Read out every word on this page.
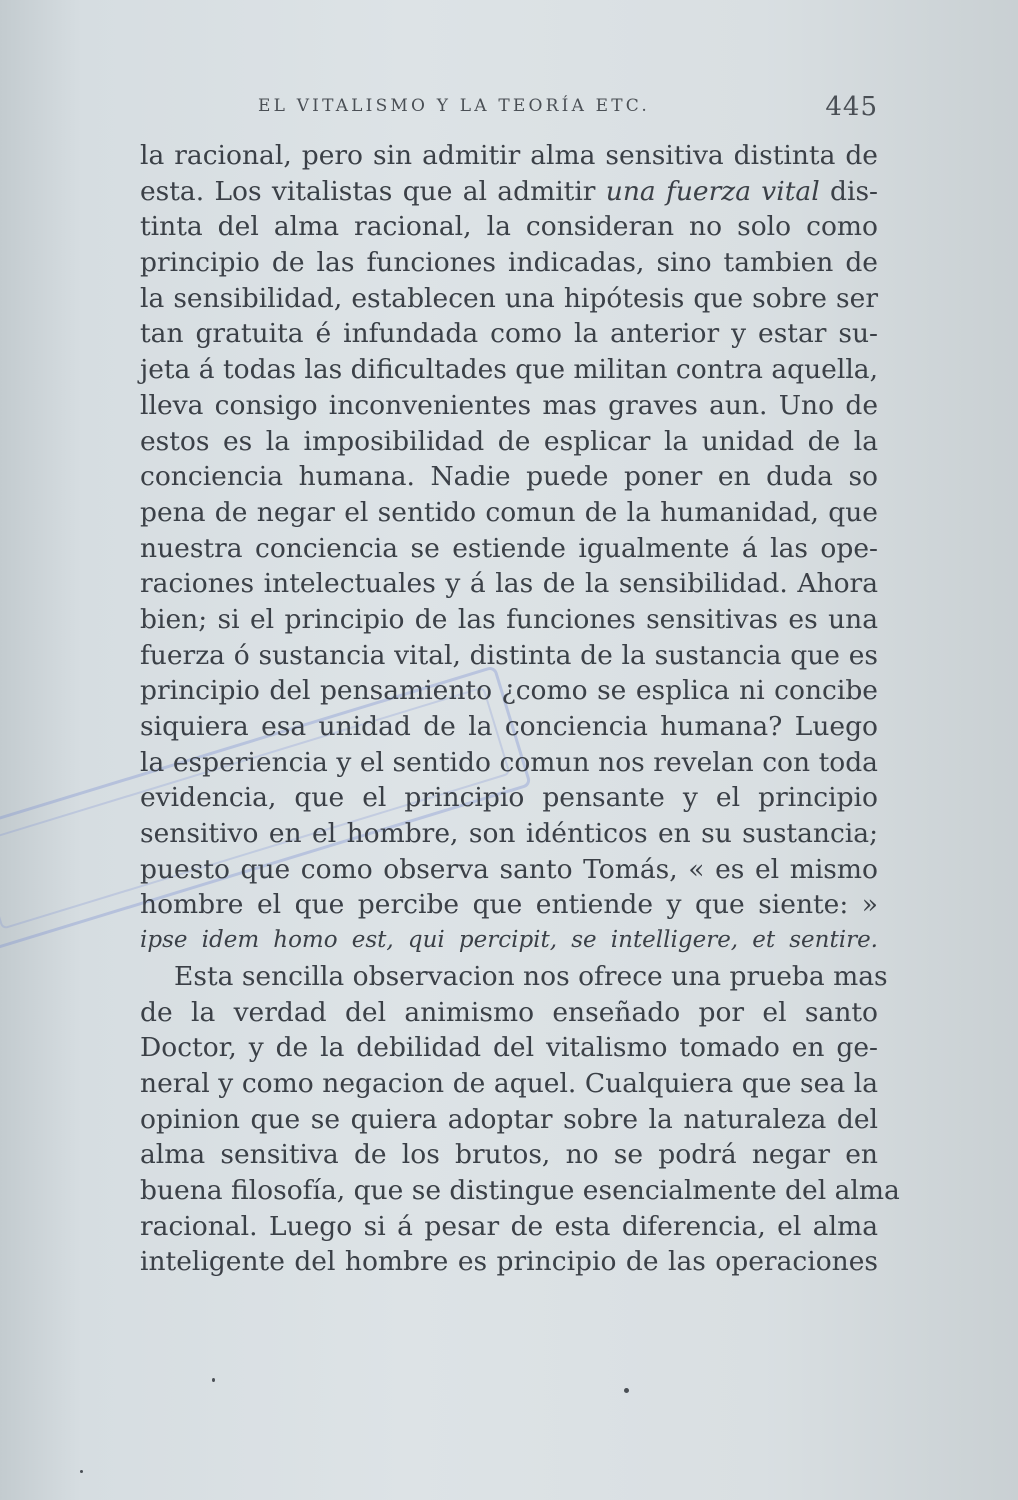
EL VITALISMO Y LA TEORÍA ETC.	445
la racional, pero sin admitir alma sensitiva distinta de
esta. Los vitalistas que al admitir una fuerza vital dis-
tinta del alma racional, la consideran no solo como
principio de las funciones indicadas, sino tambien de
la sensibilidad, establecen una hipótesis que sobre ser
tan gratuita é infundada como la anterior y estar su-
jeta á todas las dificultades que militan contra aquella,
lleva consigo inconvenientes mas graves aun. Uno de
estos es la imposibilidad de esplicar la unidad de la
conciencia humana. Nadie puede poner en duda so
pena de negar el sentido comun de la humanidad, que
nuestra conciencia se estiende igualmente á las ope-
raciones intelectuales y á las de la sensibilidad. Ahora
bien; si el principio de las funciones sensitivas es una
fuerza ó sustancia vital, distinta de la sustancia que es
principio del pensamiento ¿como se esplica ni concibe
siquiera esa unidad de la conciencia humana? Luego
la esperiencia y el sentido comun nos revelan con toda
evidencia, que el principio pensante y el principio
sensitivo en el hombre, son idénticos en su sustancia;
puesto que como observa santo Tomás, « es el mismo
hombre el que percibe que entiende y que siente: »
ipse idem homo est, qui percipit, se intelligere, et sentire.
Esta sencilla observacion nos ofrece una prueba mas
de la verdad del animismo enseñado por el santo
Doctor, y de la debilidad del vitalismo tomado en ge-
neral y como negacion de aquel. Cualquiera que sea la
opinion que se quiera adoptar sobre la naturaleza del
alma sensitiva de los brutos, no se podrá negar en
buena filosofía, que se distingue esencialmente del alma
racional. Luego si á pesar de esta diferencia, el alma
inteligente del hombre es principio de las operaciones
